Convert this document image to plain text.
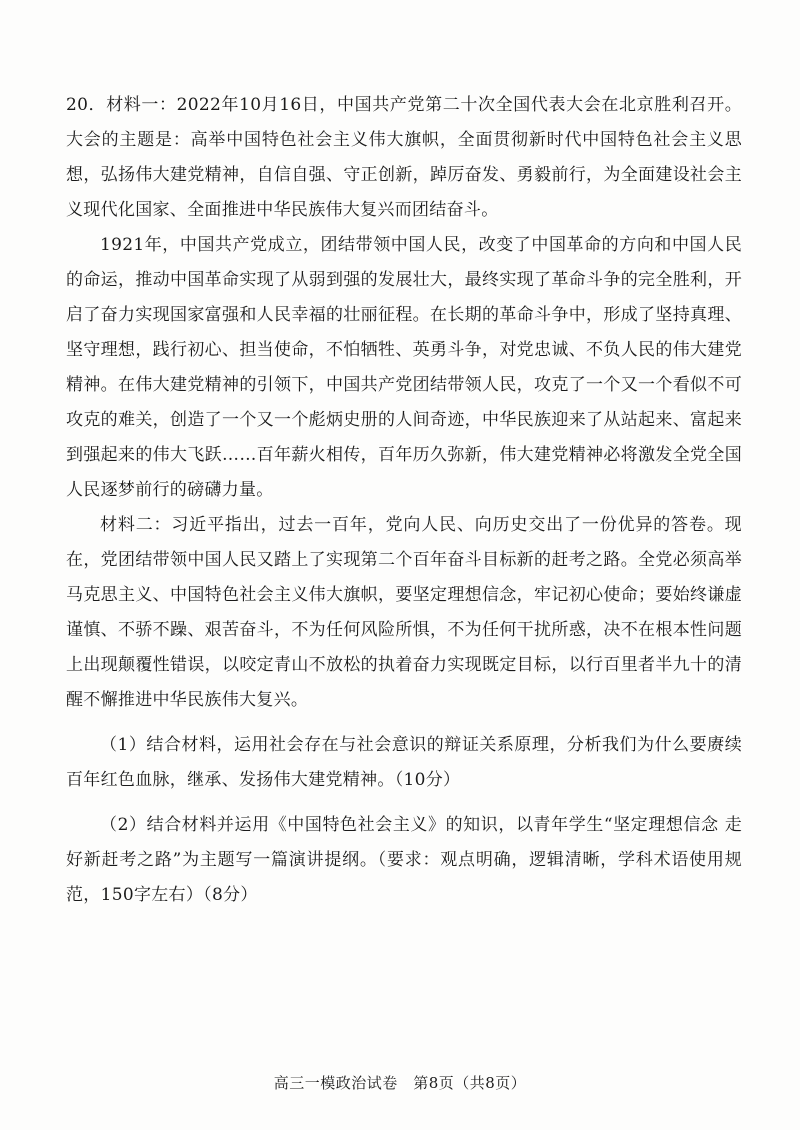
20．材料一：2022年10月16日，中国共产党第二十次全国代表大会在北京胜利召开。大会的主题是：高举中国特色社会主义伟大旗帜，全面贯彻新时代中国特色社会主义思想，弘扬伟大建党精神，自信自强、守正创新，踔厉奋发、勇毅前行，为全面建设社会主义现代化国家、全面推进中华民族伟大复兴而团结奋斗。

1921年，中国共产党成立，团结带领中国人民，改变了中国革命的方向和中国人民的命运，推动中国革命实现了从弱到强的发展壮大，最终实现了革命斗争的完全胜利，开启了奋力实现国家富强和人民幸福的壮丽征程。在长期的革命斗争中，形成了坚持真理、坚守理想，践行初心、担当使命，不怕牺牲、英勇斗争，对党忠诚、不负人民的伟大建党精神。在伟大建党精神的引领下，中国共产党团结带领人民，攻克了一个又一个看似不可攻克的难关，创造了一个又一个彪炳史册的人间奇迹，中华民族迎来了从站起来、富起来到强起来的伟大飞跃……百年薪火相传，百年历久弥新，伟大建党精神必将激发全党全国人民逐梦前行的磅礴力量。

材料二：习近平指出，过去一百年，党向人民、向历史交出了一份优异的答卷。现在，党团结带领中国人民又踏上了实现第二个百年奋斗目标新的赶考之路。全党必须高举马克思主义、中国特色社会主义伟大旗帜，要坚定理想信念，牢记初心使命；要始终谦虚谨慎、不骄不躁、艰苦奋斗，不为任何风险所惧，不为任何干扰所惑，决不在根本性问题上出现颠覆性错误，以咬定青山不放松的执着奋力实现既定目标，以行百里者半九十的清醒不懈推进中华民族伟大复兴。

（1）结合材料，运用社会存在与社会意识的辩证关系原理，分析我们为什么要赓续百年红色血脉，继承、发扬伟大建党精神。（10分）

（2）结合材料并运用《中国特色社会主义》的知识，以青年学生“坚定理想信念 走好新赶考之路”为主题写一篇演讲提纲。（要求：观点明确，逻辑清晰，学科术语使用规范，150字左右）（8分）

高三一模政治试卷　第8页（共8页）
